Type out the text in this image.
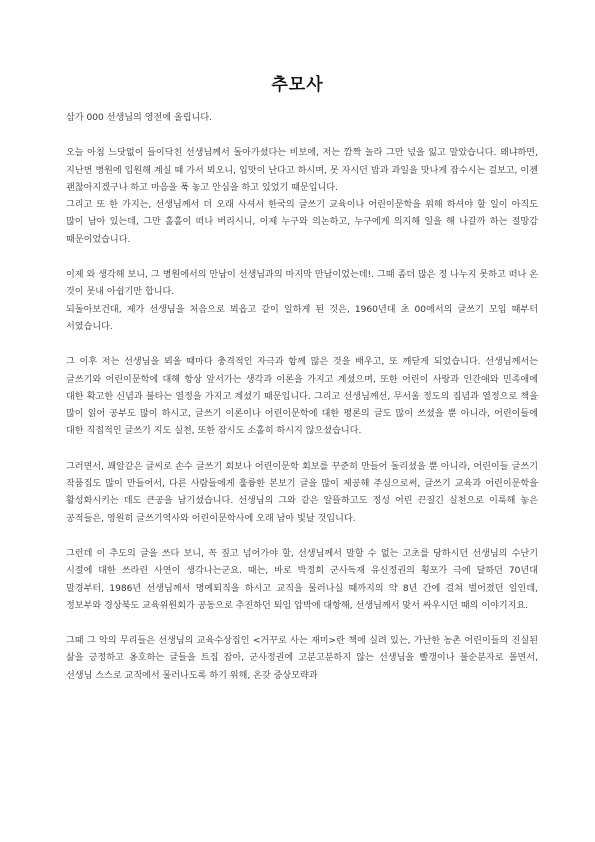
추모사

삼가 000 선생님의 영전에 올립니다.

오늘 아침 느닷없이 들이닥친 선생님께서 돌아가셨다는 비보에, 저는 깜짝 놀라 그만 넋을 잃고 말았습니다. 왜냐하면, 지난번 병원에 입원해 계실 때 가서 뵈오니, 입맛이 난다고 하시며, 못 자시던 밥과 과일을 맛나게 잡수시는 걸보고, 이젠 괜찮아지겠구나 하고 마음을 푹 놓고 안심을 하고 있었기 때문입니다.

그리고 또 한 가지는, 선생님께서 더 오래 사셔서 한국의 글쓰기 교육이나 어린이문학을 위해 하셔야 할 일이 아직도 많이 남아 있는데, 그만 홀홀이 떠나 버리시니, 이제 누구와 의논하고, 누구에게 의지해 일을 해 나갈까 하는 절망감 때문이었습니다.

이제 와 생각해 보니, 그 병원에서의 만남이 선생님과의 마지막 만남이었는데!. 그때 좀더 많은 정 나누지 못하고 떠나 온 것이 못내 아쉽기만 합니다.

되돌아보건대, 제가 선생님을 처음으로 뵈옵고 같이 일하게 된 것은, 1960년대 초 00에서의 글쓰기 모임 때부터 서였습니다.

그 이후 저는 선생님을 뵈올 때마다 충격적인 자극과 함께 많은 것을 배우고, 또 깨닫게 되었습니다. 선생님께서는 글쓰기와 어린이문학에 대해 항상 앞서가는 생각과 이론을 가지고 계셨으며, 또한 어린이 사랑과 인간애와 민족애에 대한 확고한 신념과 불타는 열정을 가지고 계셨기 때문입니다. 그리고 선생님께선, 무서울 정도의 집념과 열정으로 책을 많이 읽어 공부도 많이 하시고, 글쓰기 이론이나 어린이문학에 대한 평론의 글도 많이 쓰셨을 뿐 아니라, 어린이들에 대한 직접적인 글쓰기 지도 실천, 또한 잠시도 소홀히 하시지 않으셨습니다.

그러면서, 꽤알같은 글씨로 손수 글쓰기 회보나 어린이문학 회보를 꾸준히 만들어 돌리셨을 뿐 아니라, 어린이들 글쓰기 작품집도 많이 만들어서, 다른 사람들에게 훌륭한 본보기 글을 많이 제공해 주심으로써, 글쓰기 교육과 어린이문학을 활성화시키는 데도 큰공을 남기셨습니다. 선생님의 그와 같은 알뜰하고도 정성 어린 끈질긴 실천으로 이룩해 놓은 공적들은, 영원히 글쓰기역사와 어린이문학사에 오래 남아 빛날 것입니다.

그런데 이 추도의 글을 쓰다 보니, 꼭 짚고 넘어가야 할, 선생님께서 말할 수 없는 고초를 당하시던 선생님의 수난기 시절에 대한 쓰라린 사연이 생각나는군요. 때는, 바로 박정희 군사독재 유신정권의 횡포가 극에 달하던 70년대 말경부터, 1986년 선생님께서 명예퇴직을 하시고 교직을 물러나실 때까지의 약 8년 간에 걸쳐 벌어졌던 일인데, 정보부와 경상북도 교육위원회가 공동으로 추진하던 퇴임 압박에 대항해, 선생님께서 맞서 싸우시던 때의 이야기지요.

그때 그 악의 무리들은 선생님의 교육수상집인 <거꾸로 사는 재미>란 책에 실려 있는, 가난한 농촌 어린이들의 진실된 삶을 긍정하고 옹호하는 글들을 트집 잡아, 군사정권에 고분고분하지 않는 선생님을 빨갱이나 불순분자로 몰면서, 선생님 스스로 교직에서 물러나도록 하기 위해, 온갖 중상모략과
